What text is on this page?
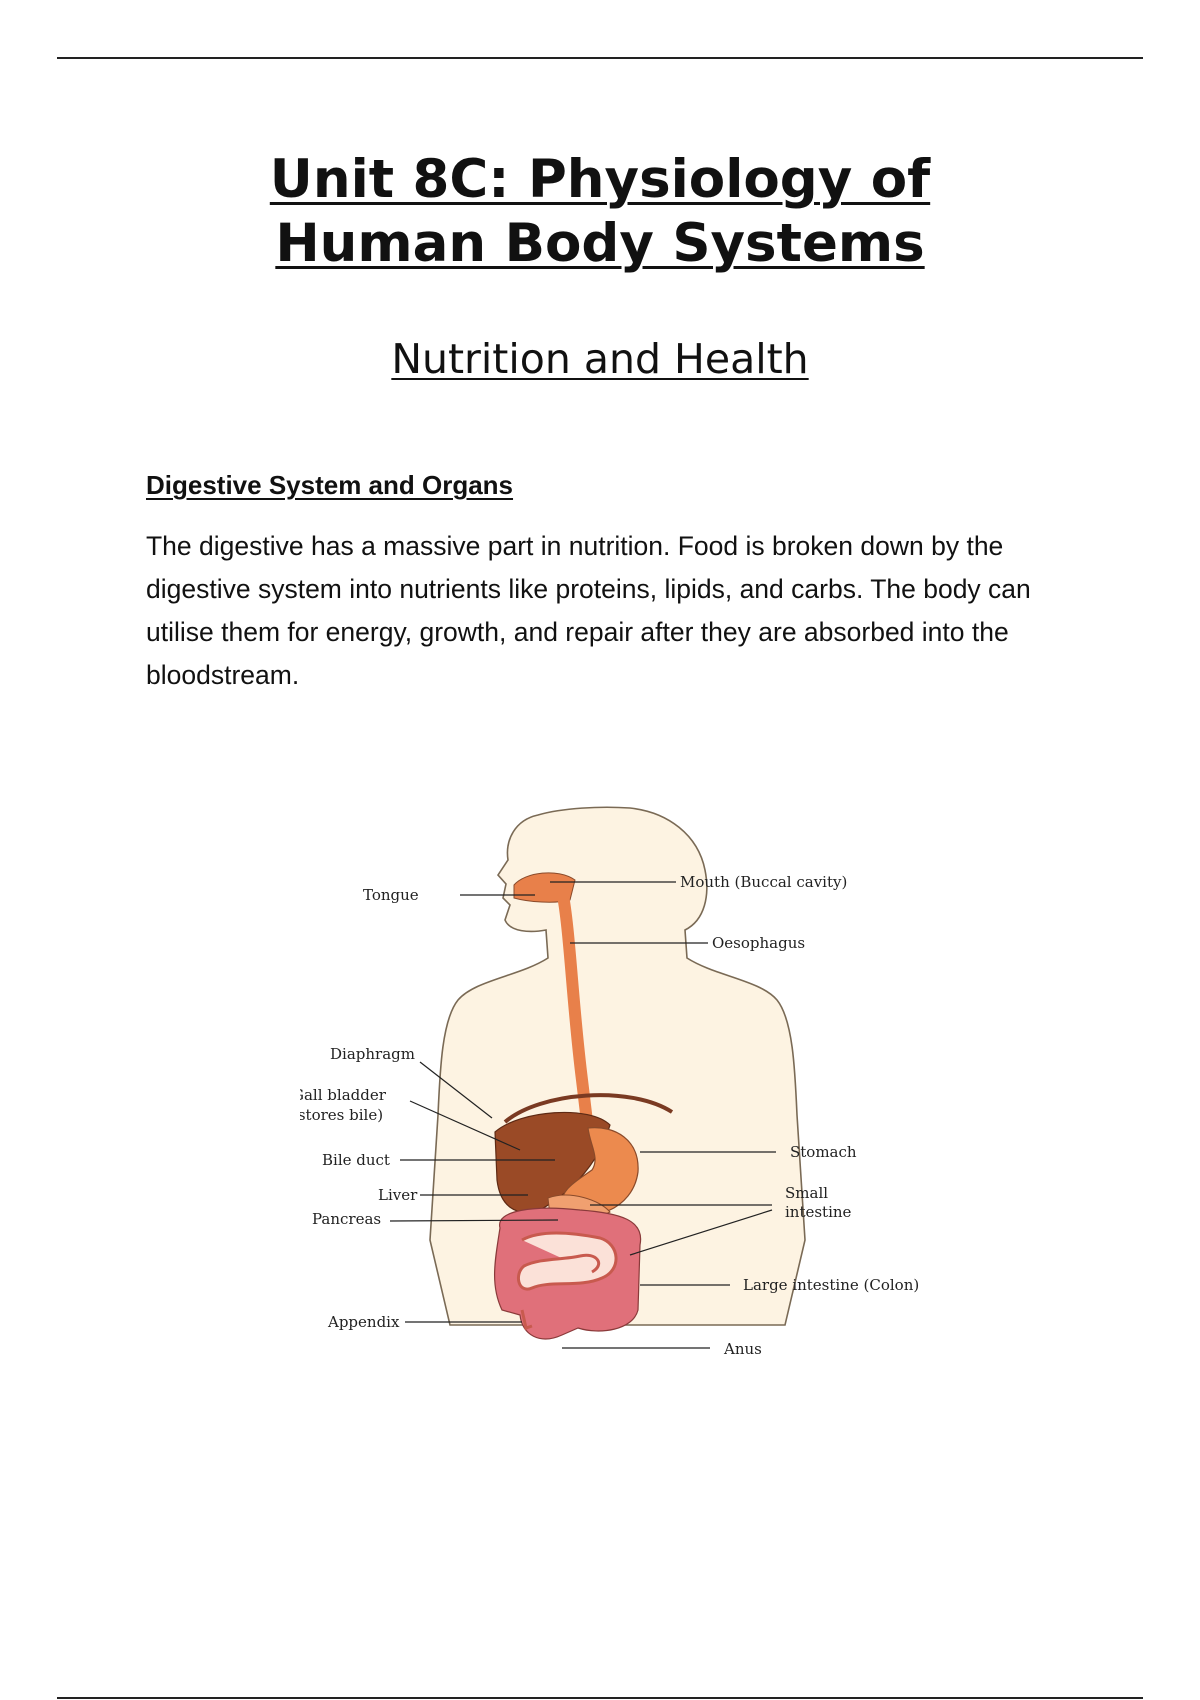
Unit 8C: Physiology of
Human Body Systems
Nutrition and Health
Digestive System and Organs

The digestive has a massive part in nutrition. Food is broken down by the digestive system into nutrients like proteins, lipids, and carbs. The body can utilise them for energy, growth, and repair after they are absorbed into the bloodstream.

Tongue
Mouth (Buccal cavity)
Oesophagus
Diaphragm
Gall bladder
(stores bile)
Bile duct
Liver
Pancreas
Stomach
Small
intestine
Large intestine (Colon)
Appendix
Anus
